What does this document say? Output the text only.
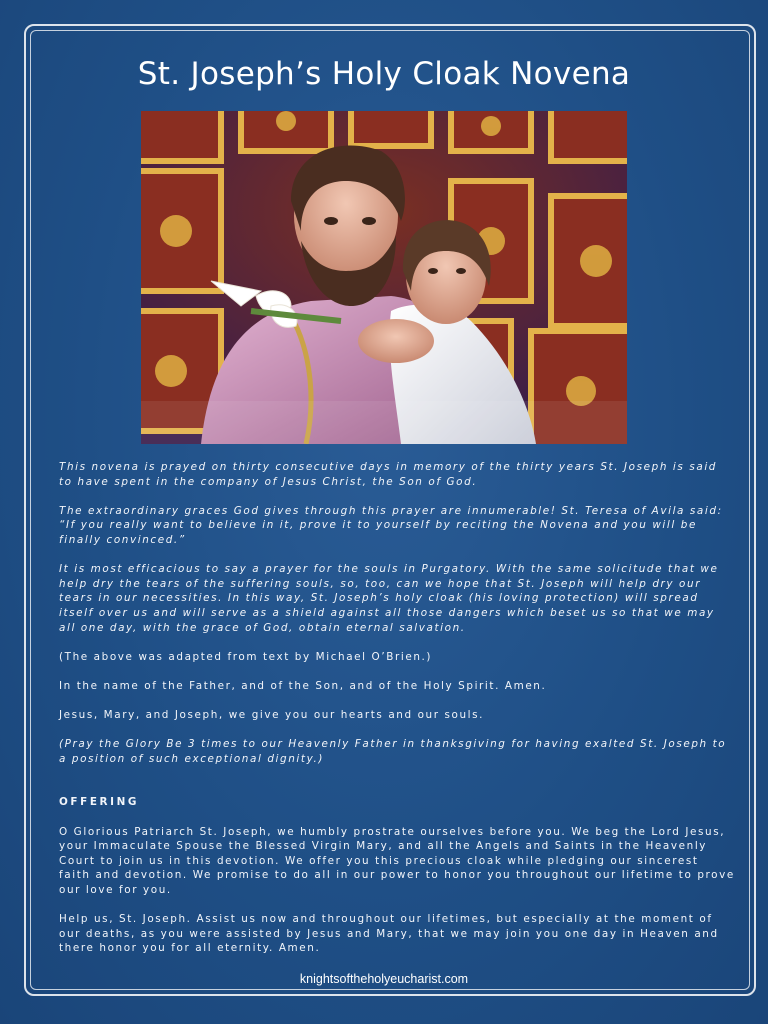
St. Joseph’s Holy Cloak Novena

This novena is prayed on thirty consecutive days in memory of the thirty years St. Joseph is said to have spent in the company of Jesus Christ, the Son of God.

The extraordinary graces God gives through this prayer are innumerable! St. Teresa of Avila said: “If you really want to believe in it, prove it to yourself by reciting the Novena and you will be finally convinced.”

It is most efficacious to say a prayer for the souls in Purgatory. With the same solicitude that we help dry the tears of the suffering souls, so, too, can we hope that St. Joseph will help dry our tears in our necessities. In this way, St. Joseph’s holy cloak (his loving protection) will spread itself over us and will serve as a shield against all those dangers which beset us so that we may all one day, with the grace of God, obtain eternal salvation.

(The above was adapted from text by Michael O’Brien.)

In the name of the Father, and of the Son, and of the Holy Spirit. Amen.

Jesus, Mary, and Joseph, we give you our hearts and our souls.

(Pray the Glory Be 3 times to our Heavenly Father in thanksgiving for having exalted St. Joseph to a position of such exceptional dignity.)

OFFERING

O Glorious Patriarch St. Joseph, we humbly prostrate ourselves before you. We beg the Lord Jesus, your Immaculate Spouse the Blessed Virgin Mary, and all the Angels and Saints in the Heavenly Court to join us in this devotion. We offer you this precious cloak while pledging our sincerest faith and devotion. We promise to do all in our power to honor you throughout our lifetime to prove our love for you.

Help us, St. Joseph. Assist us now and throughout our lifetimes, but especially at the moment of our deaths, as you were assisted by Jesus and Mary, that we may join you one day in Heaven and there honor you for all eternity. Amen.

knightsoftheholyeucharist.com
